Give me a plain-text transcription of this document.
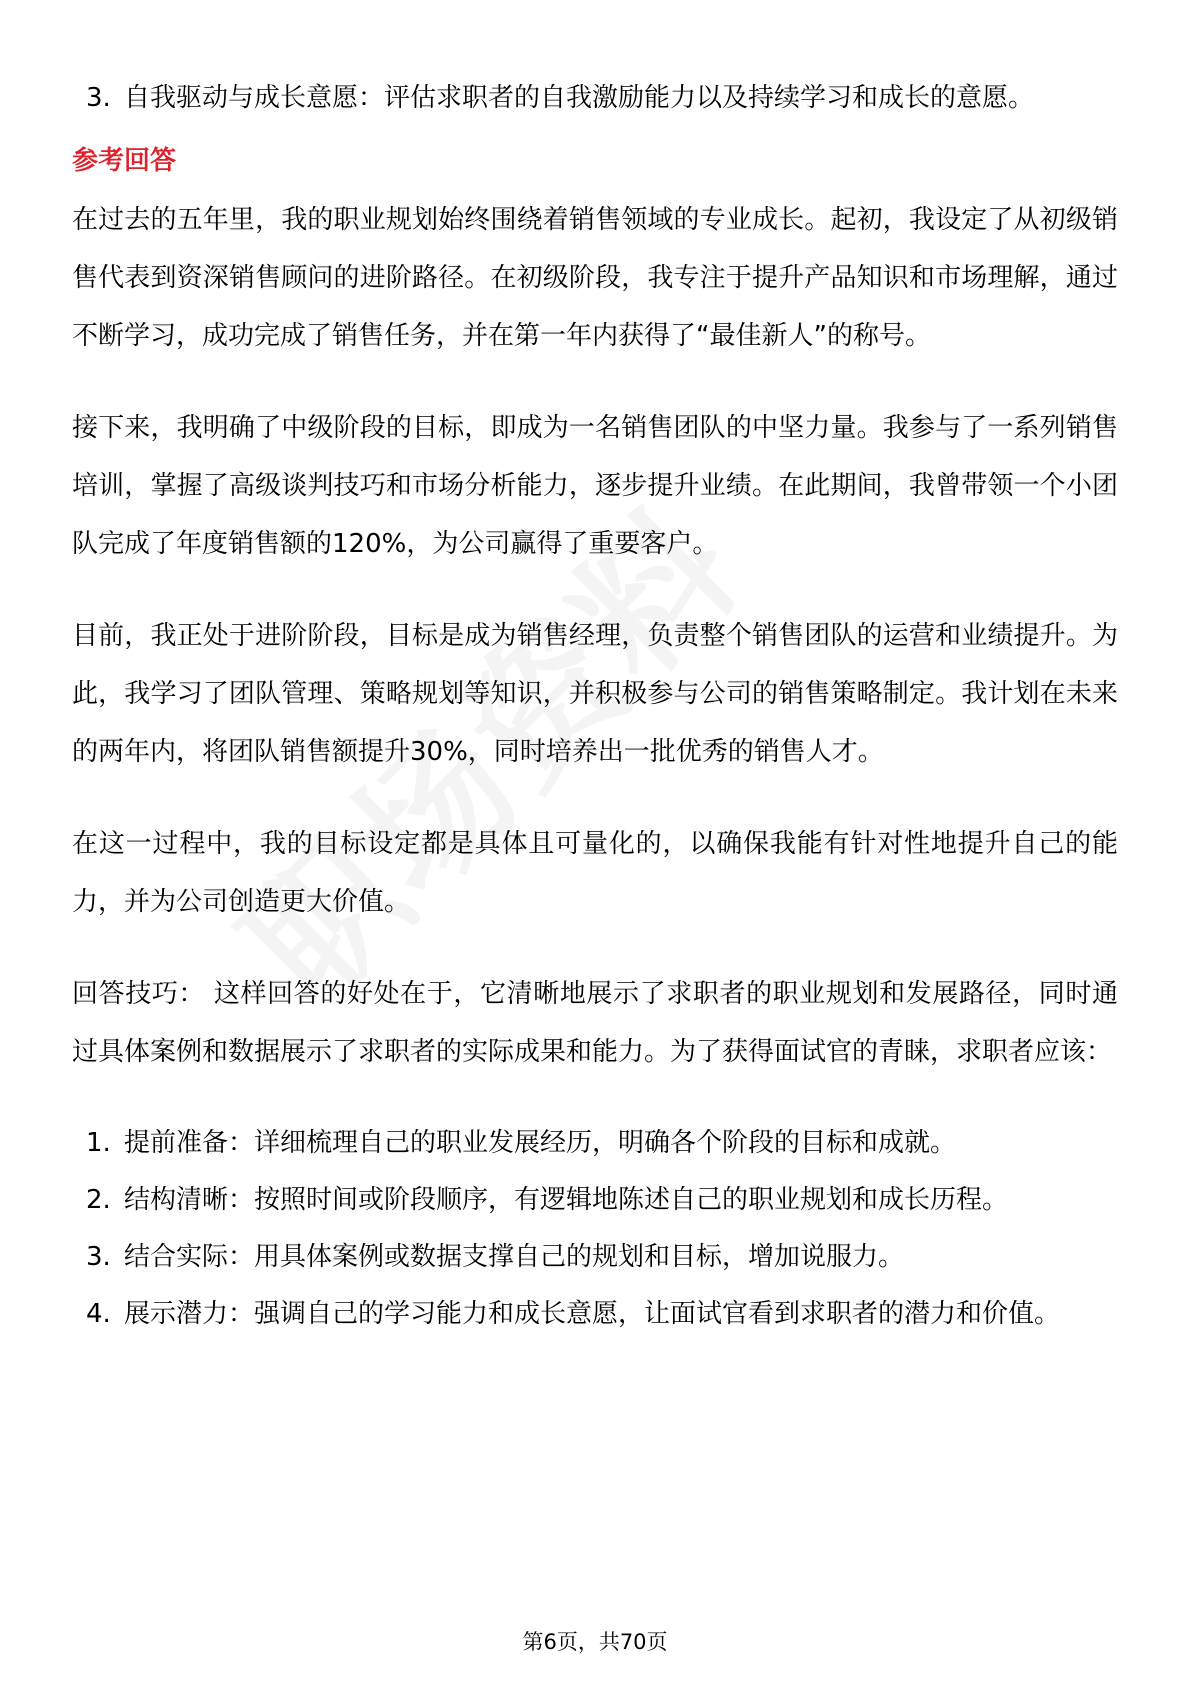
3. 自我驱动与成长意愿：评估求职者的自我激励能力以及持续学习和成长的意愿。
参考回答

在过去的五年里，我的职业规划始终围绕着销售领域的专业成长。起初，我设定了从初级销售代表到资深销售顾问的进阶路径。在初级阶段，我专注于提升产品知识和市场理解，通过不断学习，成功完成了销售任务，并在第一年内获得了“最佳新人”的称号。

接下来，我明确了中级阶段的目标，即成为一名销售团队的中坚力量。我参与了一系列销售培训，掌握了高级谈判技巧和市场分析能力，逐步提升业绩。在此期间，我曾带领一个小团队完成了年度销售额的120%，为公司赢得了重要客户。

目前，我正处于进阶阶段，目标是成为销售经理，负责整个销售团队的运营和业绩提升。为此，我学习了团队管理、策略规划等知识，并积极参与公司的销售策略制定。我计划在未来的两年内，将团队销售额提升30%，同时培养出一批优秀的销售人才。

在这一过程中，我的目标设定都是具体且可量化的，以确保我能有针对性地提升自己的能力，并为公司创造更大价值。

回答技巧： 这样回答的好处在于，它清晰地展示了求职者的职业规划和发展路径，同时通过具体案例和数据展示了求职者的实际成果和能力。为了获得面试官的青睐，求职者应该：

1. 提前准备：详细梳理自己的职业发展经历，明确各个阶段的目标和成就。
2. 结构清晰：按照时间或阶段顺序，有逻辑地陈述自己的职业规划和成长历程。
3. 结合实际：用具体案例或数据支撑自己的规划和目标，增加说服力。
4. 展示潜力：强调自己的学习能力和成长意愿，让面试官看到求职者的潜力和价值。
第6页，共70页
